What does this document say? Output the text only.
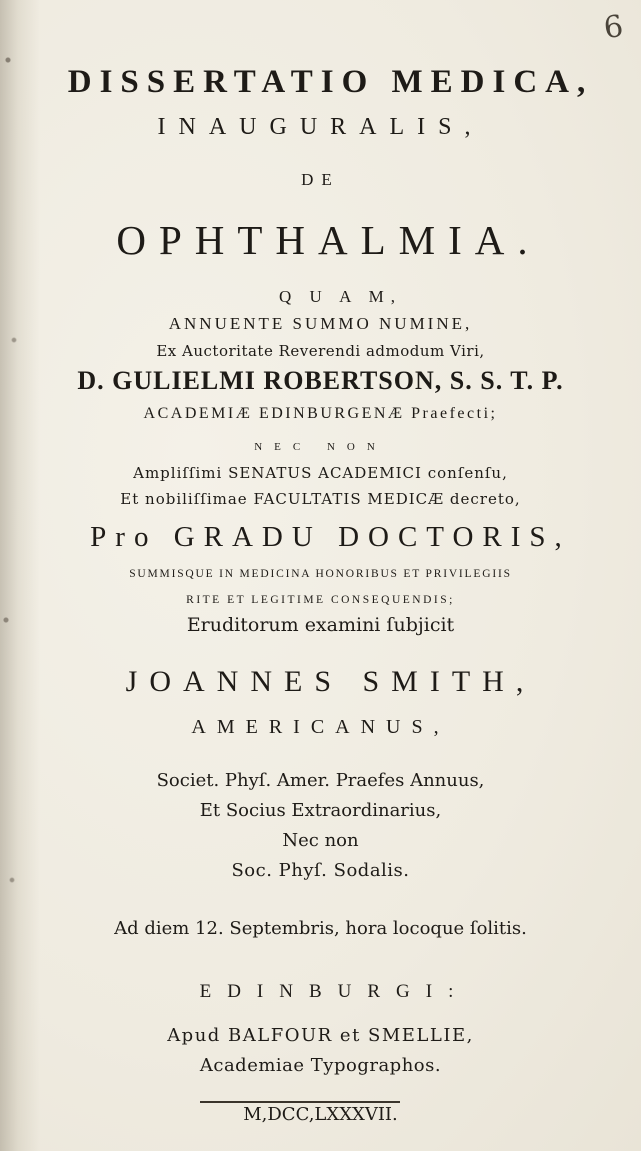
6
DISSERTATIO MEDICA,
INAUGURALIS,
DE
OPHTHALMIA.
Q U A M,
ANNUENTE SUMMO NUMINE,
Ex Auctoritate Reverendi admodum Viri,
D. GULIELMI ROBERTSON, S. S. T. P.
ACADEMIÆ EDINBURGENÆ Praefecti;
NEC NON
Ampliſſimi SENATUS ACADEMICI conſenſu,
Et nobiliſſimae FACULTATIS MEDICÆ decreto,
Pro GRADU DOCTORIS,
SUMMISQUE IN MEDICINA HONORIBUS ET PRIVILEGIIS
RITE ET LEGITIME CONSEQUENDIS;
Eruditorum examini ſubjicit
JOANNES SMITH,
AMERICANUS,
Societ. Phyſ. Amer. Praefes Annuus,
Et Socius Extraordinarius,
Nec non
Soc. Phyſ. Sodalis.
Ad diem 12. Septembris, hora locoque ſolitis.
EDINBURGI:
Apud BALFOUR et SMELLIE,
Academiae Typographos.
M,DCC,LXXXVII.
